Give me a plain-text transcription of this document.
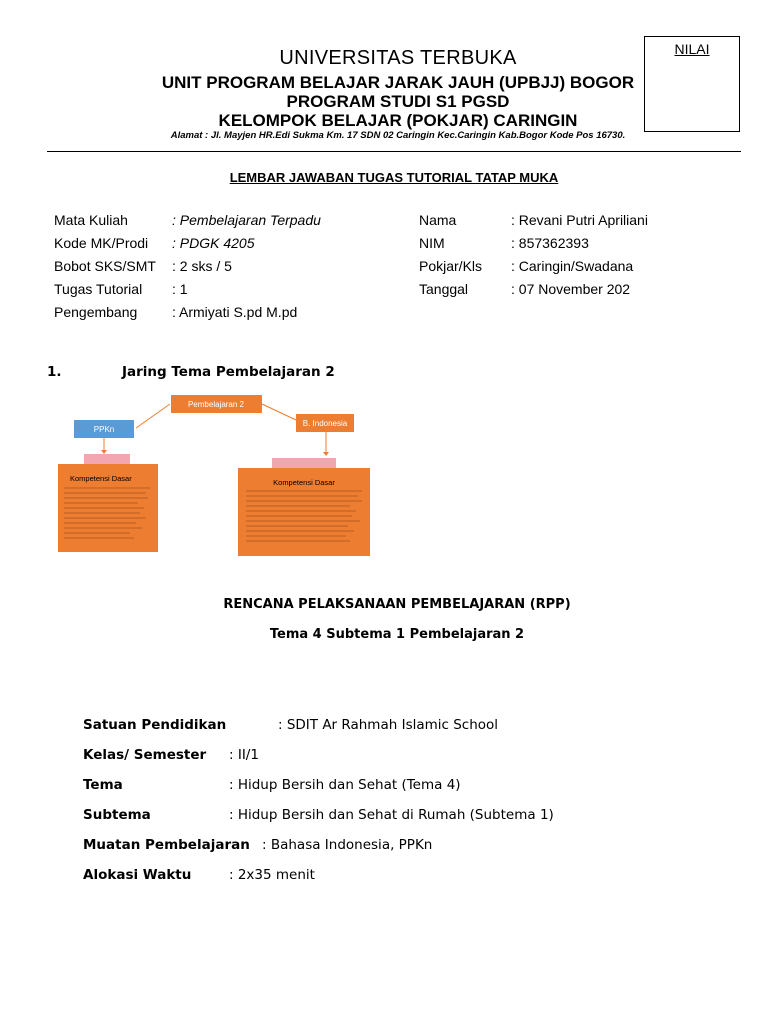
NILAI
UNIVERSITAS TERBUKA
UNIT PROGRAM BELAJAR JARAK JAUH (UPBJJ) BOGOR
PROGRAM STUDI S1 PGSD
KELOMPOK BELAJAR (POKJAR) CARINGIN
Alamat : Jl. Mayjen HR.Edi Sukma Km. 17 SDN 02 Caringin Kec.Caringin Kab.Bogor Kode Pos 16730.
LEMBAR JAWABAN TUGAS TUTORIAL TATAP MUKA
Mata Kuliah	: Pembelajaran Terpadu
Kode MK/Prodi : PDGK 4205
Bobot SKS/SMT : 2 sks / 5
Tugas Tutorial : 1
Pengembang : Armiyati S.pd M.pd
Nama	: Revani Putri Apriliani
NIM	: 857362393
Pokjar/Kls : Caringin/Swadana
Tanggal	: 07 November 202
1.	Jaring Tema Pembelajaran 2
Pembelajaran 2
PPKn
B. Indonesia
Kompetensi Dasar	Kompetensi Dasar
RENCANA PELAKSANAAN PEMBELAJARAN (RPP)
Tema 4 Subtema 1 Pembelajaran 2
Satuan Pendidikan	: SDIT Ar Rahmah Islamic School
Kelas/ Semester : II/1
Tema	: Hidup Bersih dan Sehat (Tema 4)
Subtema	: Hidup Bersih dan Sehat di Rumah (Subtema 1)
Muatan Pembelajaran : Bahasa Indonesia, PPKn
Alokasi Waktu	: 2x35 menit
